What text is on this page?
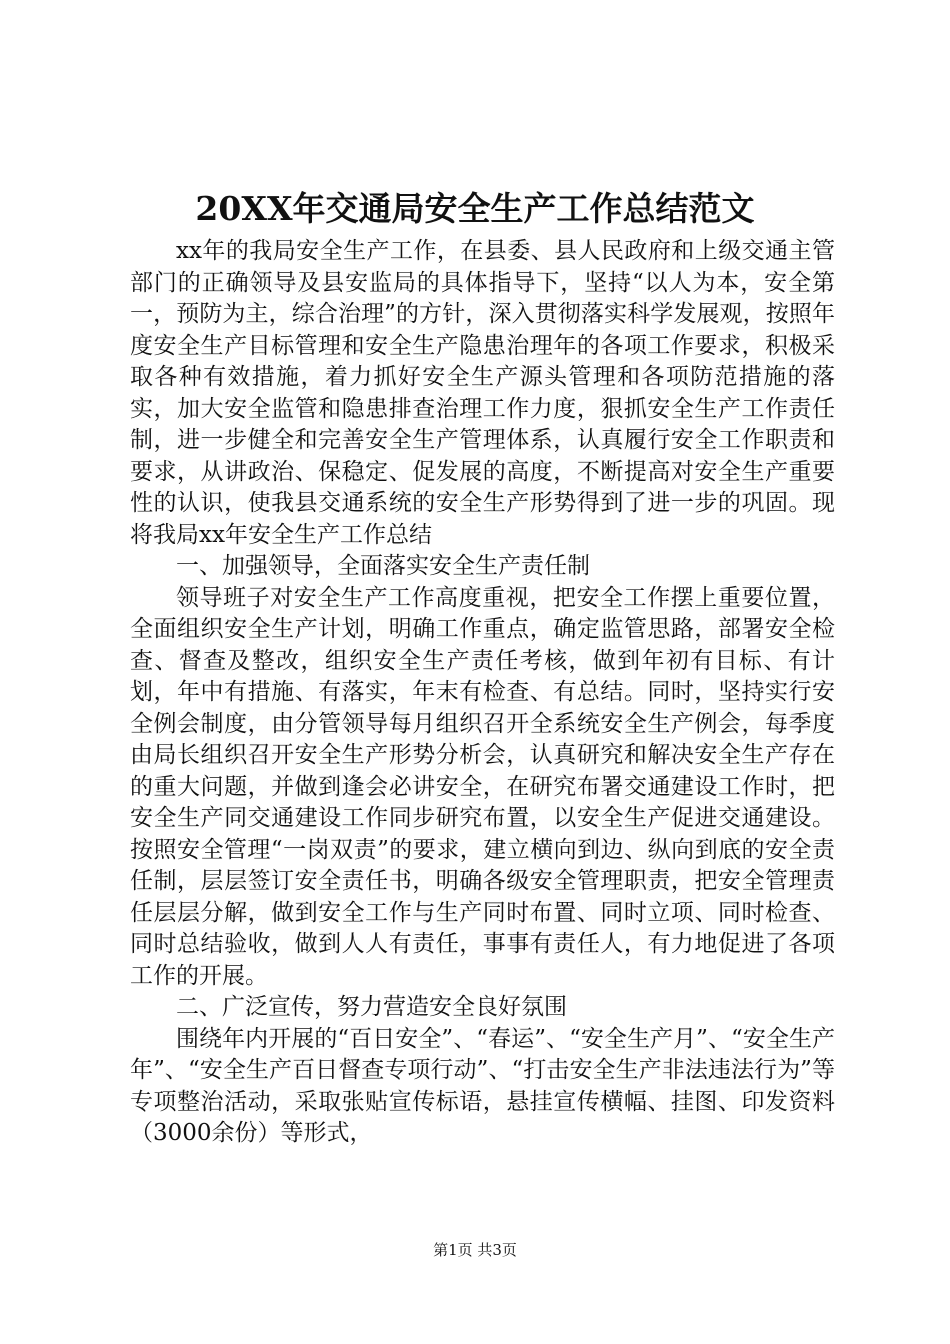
20XX年交通局安全生产工作总结范文

xx年的我局安全生产工作，在县委、县人民政府和上级交通主管部门的正确领导及县安监局的具体指导下，坚持“以人为本，安全第一，预防为主，综合治理”的方针，深入贯彻落实科学发展观，按照年度安全生产目标管理和安全生产隐患治理年的各项工作要求，积极采取各种有效措施，着力抓好安全生产源头管理和各项防范措施的落实，加大安全监管和隐患排查治理工作力度，狠抓安全生产工作责任制，进一步健全和完善安全生产管理体系，认真履行安全工作职责和要求，从讲政治、保稳定、促发展的高度，不断提高对安全生产重要性的认识，使我县交通系统的安全生产形势得到了进一步的巩固。现将我局xx年安全生产工作总结

一、加强领导，全面落实安全生产责任制

领导班子对安全生产工作高度重视，把安全工作摆上重要位置，全面组织安全生产计划，明确工作重点，确定监管思路，部署安全检查、督查及整改，组织安全生产责任考核，做到年初有目标、有计划，年中有措施、有落实，年末有检查、有总结。同时，坚持实行安全例会制度，由分管领导每月组织召开全系统安全生产例会，每季度由局长组织召开安全生产形势分析会，认真研究和解决安全生产存在的重大问题，并做到逢会必讲安全，在研究布署交通建设工作时，把安全生产同交通建设工作同步研究布置，以安全生产促进交通建设。按照安全管理“一岗双责”的要求，建立横向到边、纵向到底的安全责任制，层层签订安全责任书，明确各级安全管理职责，把安全管理责任层层分解，做到安全工作与生产同时布置、同时立项、同时检查、同时总结验收，做到人人有责任，事事有责任人，有力地促进了各项工作的开展。

二、广泛宣传，努力营造安全良好氛围

围绕年内开展的“百日安全”、“春运”、“安全生产月”、“安全生产年”、“安全生产百日督查专项行动”、“打击安全生产非法违法行为”等专项整治活动，采取张贴宣传标语，悬挂宣传横幅、挂图、印发资料（3000余份）等形式，

第1页 共3页
